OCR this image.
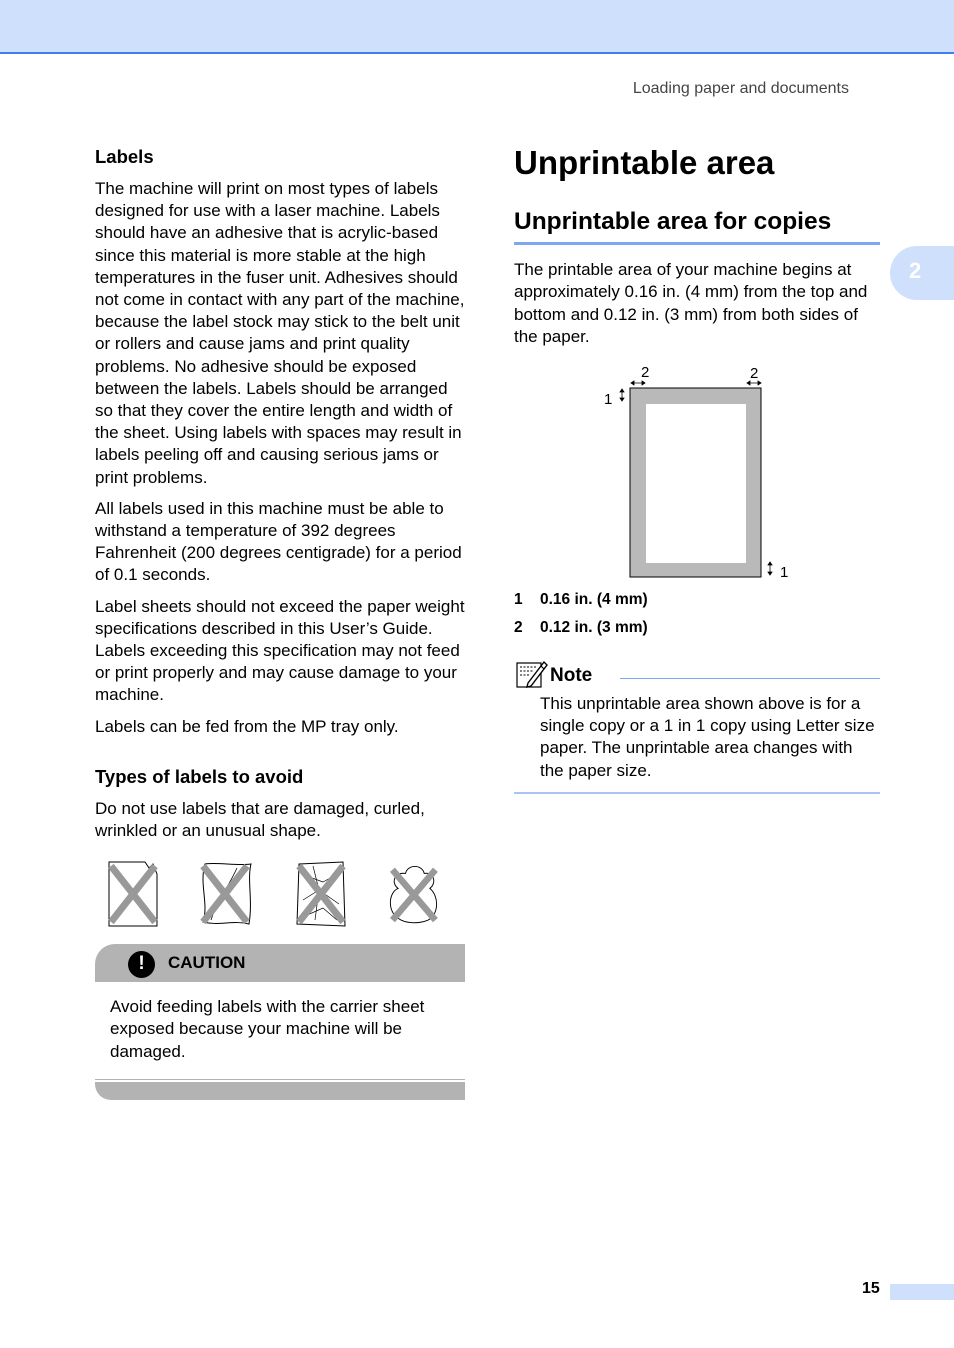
Loading paper and documents
2
Labels

The machine will print on most types of labels designed for use with a laser machine. Labels should have an adhesive that is acrylic-based since this material is more stable at the high temperatures in the fuser unit. Adhesives should not come in contact with any part of the machine, because the label stock may stick to the belt unit or rollers and cause jams and print quality problems. No adhesive should be exposed between the labels. Labels should be arranged so that they cover the entire length and width of the sheet. Using labels with spaces may result in labels peeling off and causing serious jams or print problems.

All labels used in this machine must be able to withstand a temperature of 392 degrees Fahrenheit (200 degrees centigrade) for a period of 0.1 seconds.

Label sheets should not exceed the paper weight specifications described in this User’s Guide. Labels exceeding this specification may not feed or print properly and may cause damage to your machine.

Labels can be fed from the MP tray only.

Types of labels to avoid

Do not use labels that are damaged, curled, wrinkled or an unusual shape.

!	CAUTION
Avoid feeding labels with the carrier sheet exposed because your machine will be damaged.
Unprintable area
Unprintable area for copies

The printable area of your machine begins at approximately 0.16 in. (4 mm) from the top and bottom and 0.12 in. (3 mm) from both sides of the paper.

2	2
1
1
1 0.16 in. (4 mm)
2 0.12 in. (3 mm)
Note
This unprintable area shown above is for a single copy or a 1 in 1 copy using Letter size paper. The unprintable area changes with the paper size.
15
